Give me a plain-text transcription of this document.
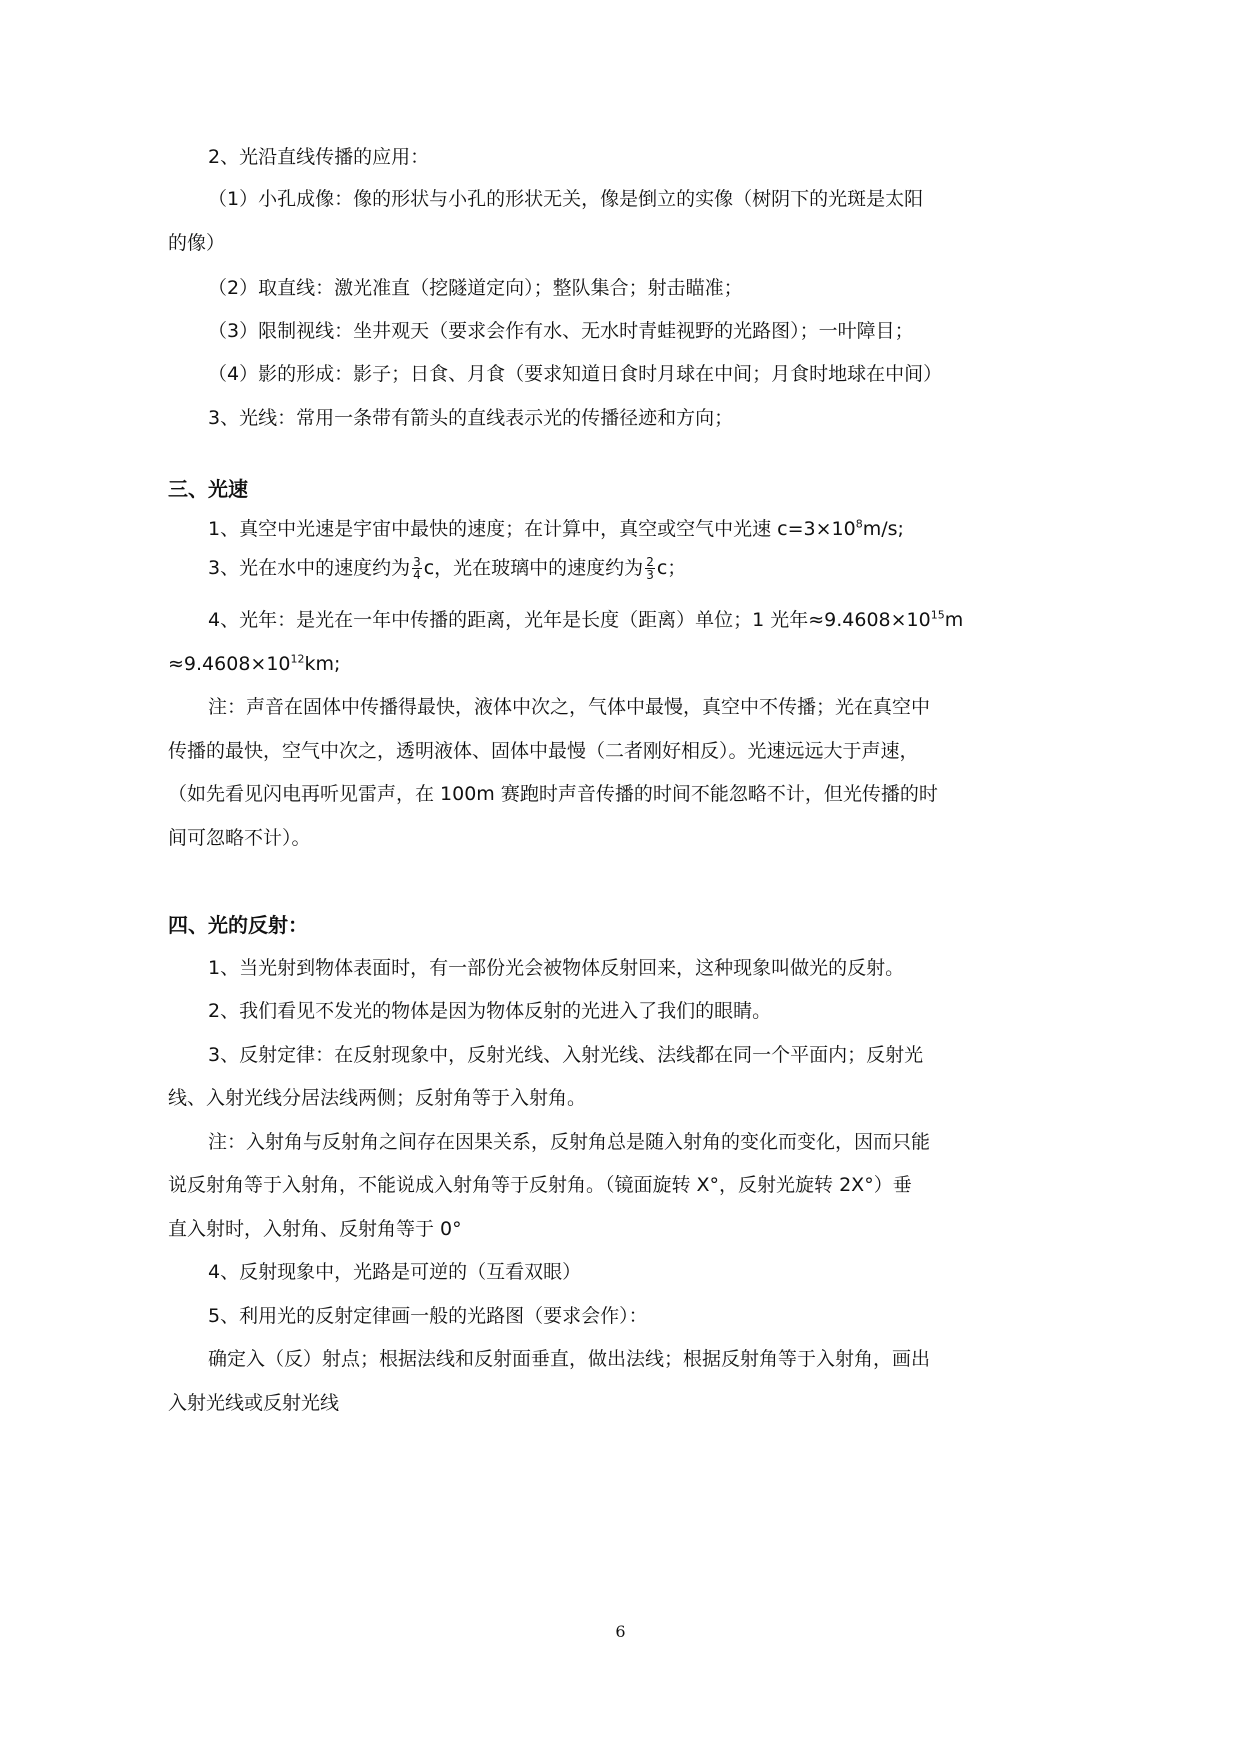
2、光沿直线传播的应用：
（1）小孔成像：像的形状与小孔的形状无关，像是倒立的实像（树阴下的光斑是太阳
的像）
（2）取直线：激光准直（挖隧道定向）；整队集合；射击瞄准；
（3）限制视线：坐井观天（要求会作有水、无水时青蛙视野的光路图）；一叶障目；
（4）影的形成：影子；日食、月食（要求知道日食时月球在中间；月食时地球在中间）
3、光线：常用一条带有箭头的直线表示光的传播径迹和方向；
三、光速
1、真空中光速是宇宙中最快的速度；在计算中，真空或空气中光速 $c=3\times 10^8m/s$;
3、光在水中的速度约为 $\frac{3}{4}$ c，光在玻璃中的速度约为 $\frac{2}{3}$ c；
4、光年：是光在一年中传播的距离，光年是长度（距离）单位；1 光年$\approx 9.4608\times 10^{15}m$
$\approx 9.4608\times 10^{12}km$;
注：声音在固体中传播得最快，液体中次之，气体中最慢，真空中不传播；光在真空中
传播的最快，空气中次之，透明液体、固体中最慢（二者刚好相反）。光速远远大于声速，
（如先看见闪电再听见雷声，在 100m 赛跑时声音传播的时间不能忽略不计，但光传播的时
间可忽略不计）。
四、光的反射：
1、当光射到物体表面时，有一部份光会被物体反射回来，这种现象叫做光的反射。
2、我们看见不发光的物体是因为物体反射的光进入了我们的眼睛。
3、反射定律：在反射现象中，反射光线、入射光线、法线都在同一个平面内；反射光
线、入射光线分居法线两侧；反射角等于入射角。
注：入射角与反射角之间存在因果关系，反射角总是随入射角的变化而变化，因而只能
说反射角等于入射角，不能说成入射角等于反射角。（镜面旋转 X°，反射光旋转 2X°）垂
直入射时，入射角、反射角等于 0°
4、反射现象中，光路是可逆的（互看双眼）
5、利用光的反射定律画一般的光路图（要求会作）：
确定入（反）射点；根据法线和反射面垂直，做出法线；根据反射角等于入射角，画出
入射光线或反射光线
6
